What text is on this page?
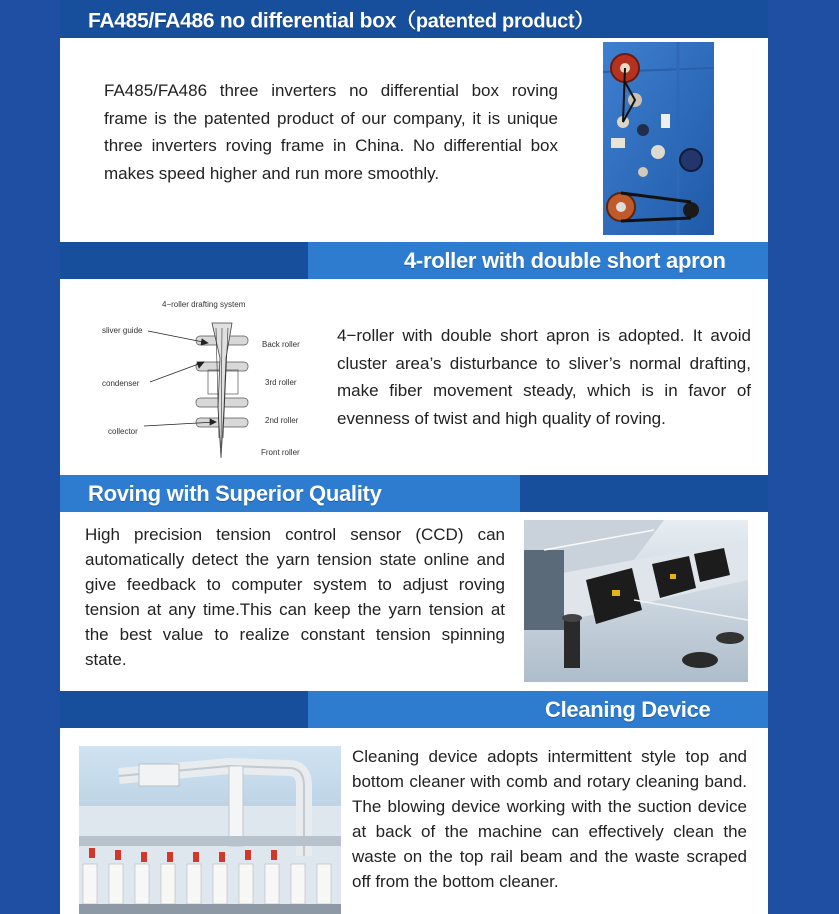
FA485/FA486 no differential box（patented product）
FA485/FA486 three inverters no differential box roving frame is the patented product of our company, it is unique three inverters roving frame in China. No differential box makes speed higher and run more smoothly.
4-roller with double short apron
4−roller drafting system
sliver guide
condenser
collector
Back roller
3rd roller
2nd roller
Front roller
4−roller with double short apron is adopted. It avoid cluster area’s disturbance to sliver’s normal drafting, make fiber movement steady, which is in favor of evenness of twist and high quality of roving.
Roving with Superior Quality
High precision tension control sensor (CCD) can automatically detect the yarn tension state online and give feedback to computer system to adjust roving tension at any time.This can keep the yarn tension at the best value to realize constant tension spinning state.
Cleaning Device
Cleaning device adopts intermittent style top and bottom cleaner with comb and rotary cleaning band. The blowing device working with the suction device at back of the machine can effectively clean the waste on the top rail beam and the waste scraped off from the bottom cleaner.
